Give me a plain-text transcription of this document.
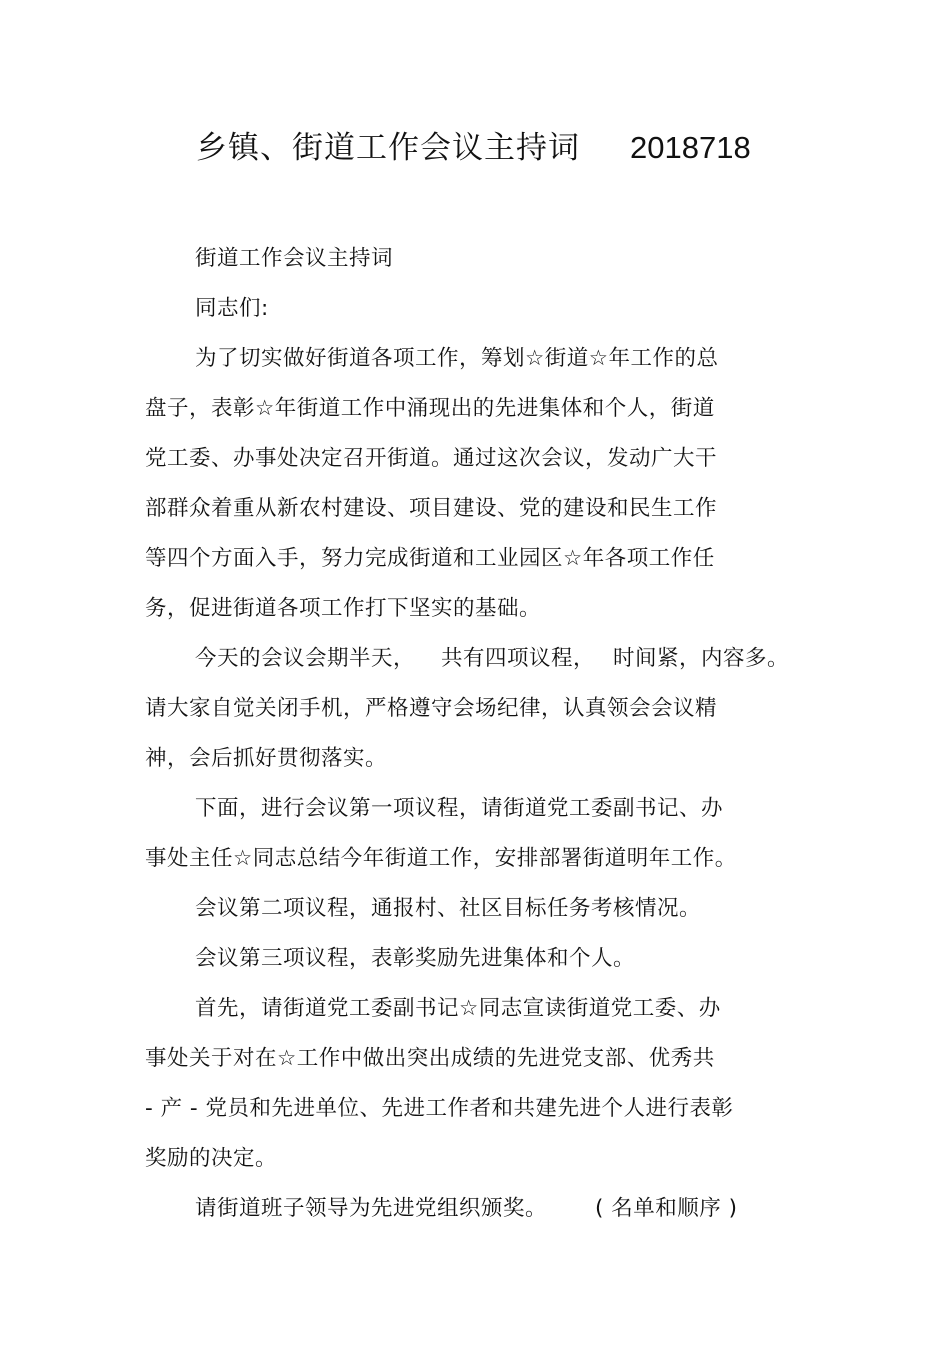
乡镇、街道工作会议主持词 2018718
街道工作会议主持词
同志们:
为了切实做好街道各项工作，筹划☆街道☆年工作的总
盘子，表彰☆年街道工作中涌现出的先进集体和个人，街道
党工委、办事处决定召开街道。通过这次会议，发动广大干
部群众着重从新农村建设、项目建设、党的建设和民生工作
等四个方面入手，努力完成街道和工业园区☆年各项工作任
务，促进街道各项工作打下坚实的基础。
今天的会议会期半天， 共有四项议程， 时间紧，内容多。
请大家自觉关闭手机，严格遵守会场纪律，认真领会会议精
神，会后抓好贯彻落实。
下面，进行会议第一项议程，请街道党工委副书记、办
事处主任☆同志总结今年街道工作，安排部署街道明年工作。
会议第二项议程，通报村、社区目标任务考核情况。
会议第三项议程，表彰奖励先进集体和个人。
首先，请街道党工委副书记☆同志宣读街道党工委、办
事处关于对在☆工作中做出突出成绩的先进党支部、优秀共
- 产 - 党员和先进单位、先进工作者和共建先进个人进行表彰
奖励的决定。
请街道班子领导为先进党组织颁奖。 ( 名单和顺序 )
